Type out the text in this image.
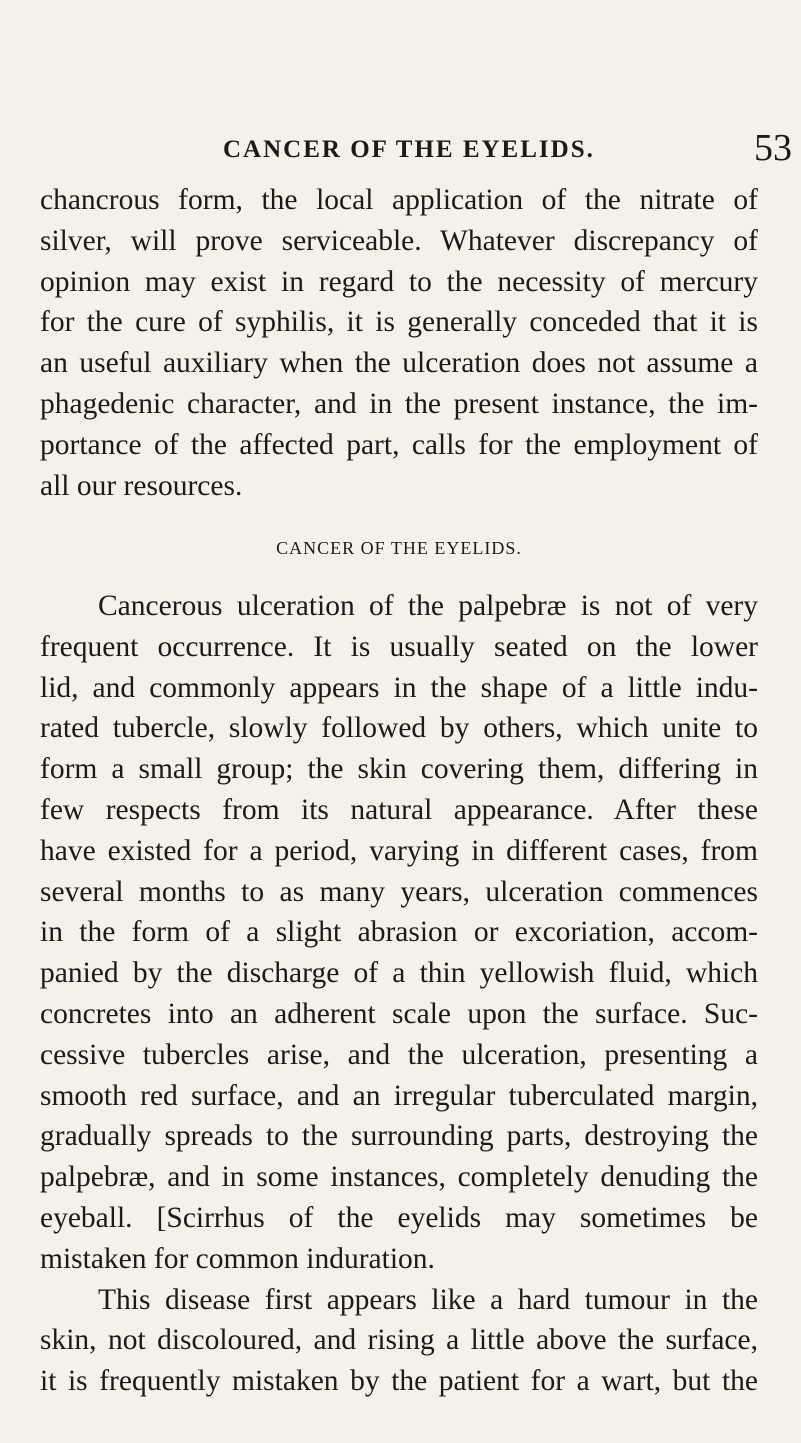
CANCER OF THE EYELIDS.	53

chancrous form, the local application of the nitrate of
silver, will prove serviceable. Whatever discrepancy of
opinion may exist in regard to the necessity of mercury
for the cure of syphilis, it is generally conceded that it is
an useful auxiliary when the ulceration does not assume a
phagedenic character, and in the present instance, the im-
portance of the affected part, calls for the employment of
all our resources.

CANCER OF THE EYELIDS.

Cancerous ulceration of the palpebræ is not of very
frequent occurrence. It is usually seated on the lower
lid, and commonly appears in the shape of a little indu-
rated tubercle, slowly followed by others, which unite to
form a small group; the skin covering them, differing in
few respects from its natural appearance. After these
have existed for a period, varying in different cases, from
several months to as many years, ulceration commences
in the form of a slight abrasion or excoriation, accom-
panied by the discharge of a thin yellowish fluid, which
concretes into an adherent scale upon the surface. Suc-
cessive tubercles arise, and the ulceration, presenting a
smooth red surface, and an irregular tuberculated margin,
gradually spreads to the surrounding parts, destroying the
palpebræ, and in some instances, completely denuding the
eyeball. [Scirrhus of the eyelids may sometimes be
mistaken for common induration.

This disease first appears like a hard tumour in the
skin, not discoloured, and rising a little above the surface,
it is frequently mistaken by the patient for a wart, but the
